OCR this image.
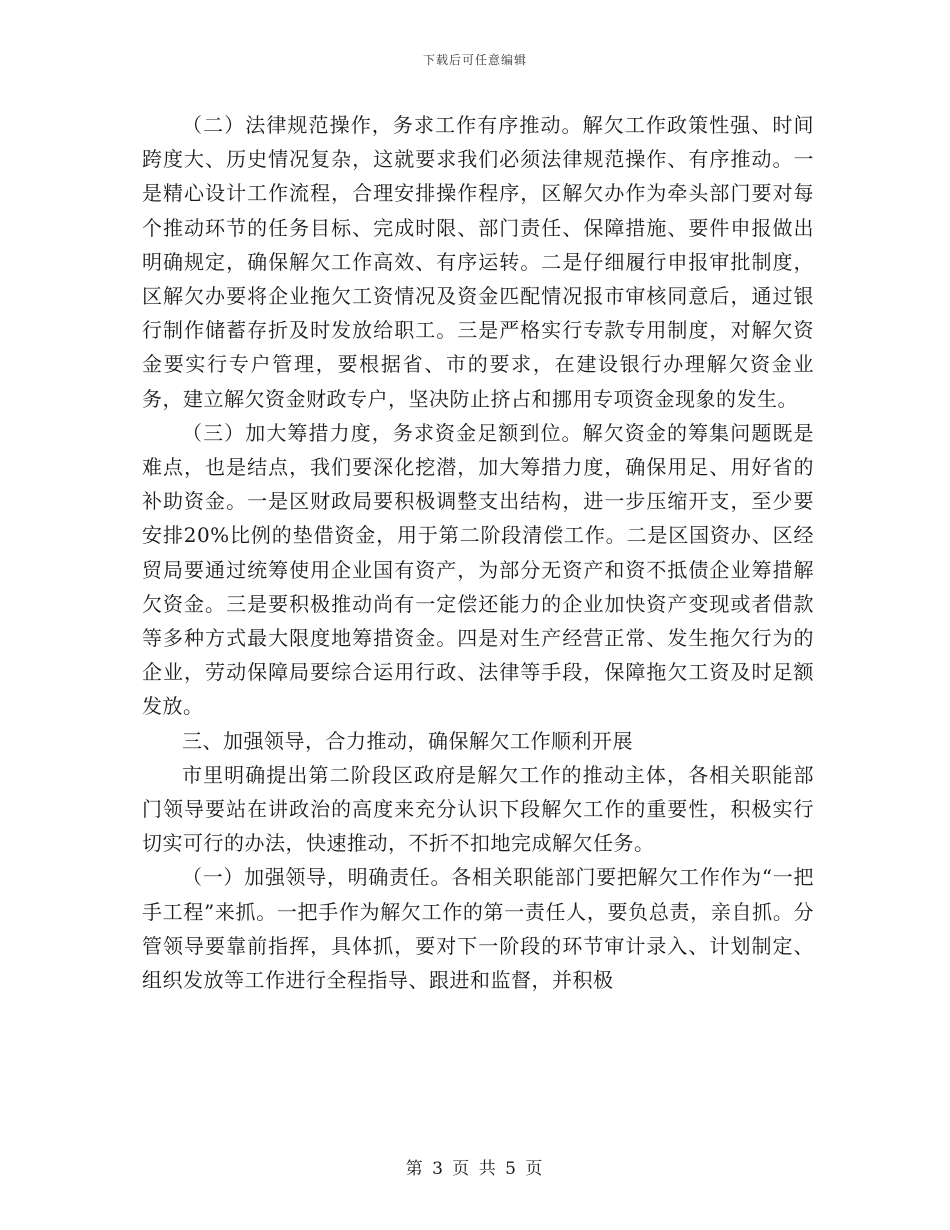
下载后可任意编辑

（二）法律规范操作，务求工作有序推动。解欠工作政策性强、时间跨度大、历史情况复杂，这就要求我们必须法律规范操作、有序推动。一是精心设计工作流程，合理安排操作程序，区解欠办作为牵头部门要对每个推动环节的任务目标、完成时限、部门责任、保障措施、要件申报做出明确规定，确保解欠工作高效、有序运转。二是仔细履行申报审批制度，区解欠办要将企业拖欠工资情况及资金匹配情况报市审核同意后，通过银行制作储蓄存折及时发放给职工。三是严格实行专款专用制度，对解欠资金要实行专户管理，要根据省、市的要求，在建设银行办理解欠资金业务，建立解欠资金财政专户，坚决防止挤占和挪用专项资金现象的发生。

（三）加大筹措力度，务求资金足额到位。解欠资金的筹集问题既是难点，也是结点，我们要深化挖潜，加大筹措力度，确保用足、用好省的补助资金。一是区财政局要积极调整支出结构，进一步压缩开支，至少要安排20%比例的垫借资金，用于第二阶段清偿工作。二是区国资办、区经贸局要通过统筹使用企业国有资产，为部分无资产和资不抵债企业筹措解欠资金。三是要积极推动尚有一定偿还能力的企业加快资产变现或者借款等多种方式最大限度地筹措资金。四是对生产经营正常、发生拖欠行为的企业，劳动保障局要综合运用行政、法律等手段，保障拖欠工资及时足额发放。

三、加强领导，合力推动，确保解欠工作顺利开展

市里明确提出第二阶段区政府是解欠工作的推动主体，各相关职能部门领导要站在讲政治的高度来充分认识下段解欠工作的重要性，积极实行切实可行的办法，快速推动，不折不扣地完成解欠任务。

（一）加强领导，明确责任。各相关职能部门要把解欠工作作为“一把手工程”来抓。一把手作为解欠工作的第一责任人，要负总责，亲自抓。分管领导要靠前指挥，具体抓，要对下一阶段的环节审计录入、计划制定、组织发放等工作进行全程指导、跟进和监督，并积极

第 3 页 共 5 页
